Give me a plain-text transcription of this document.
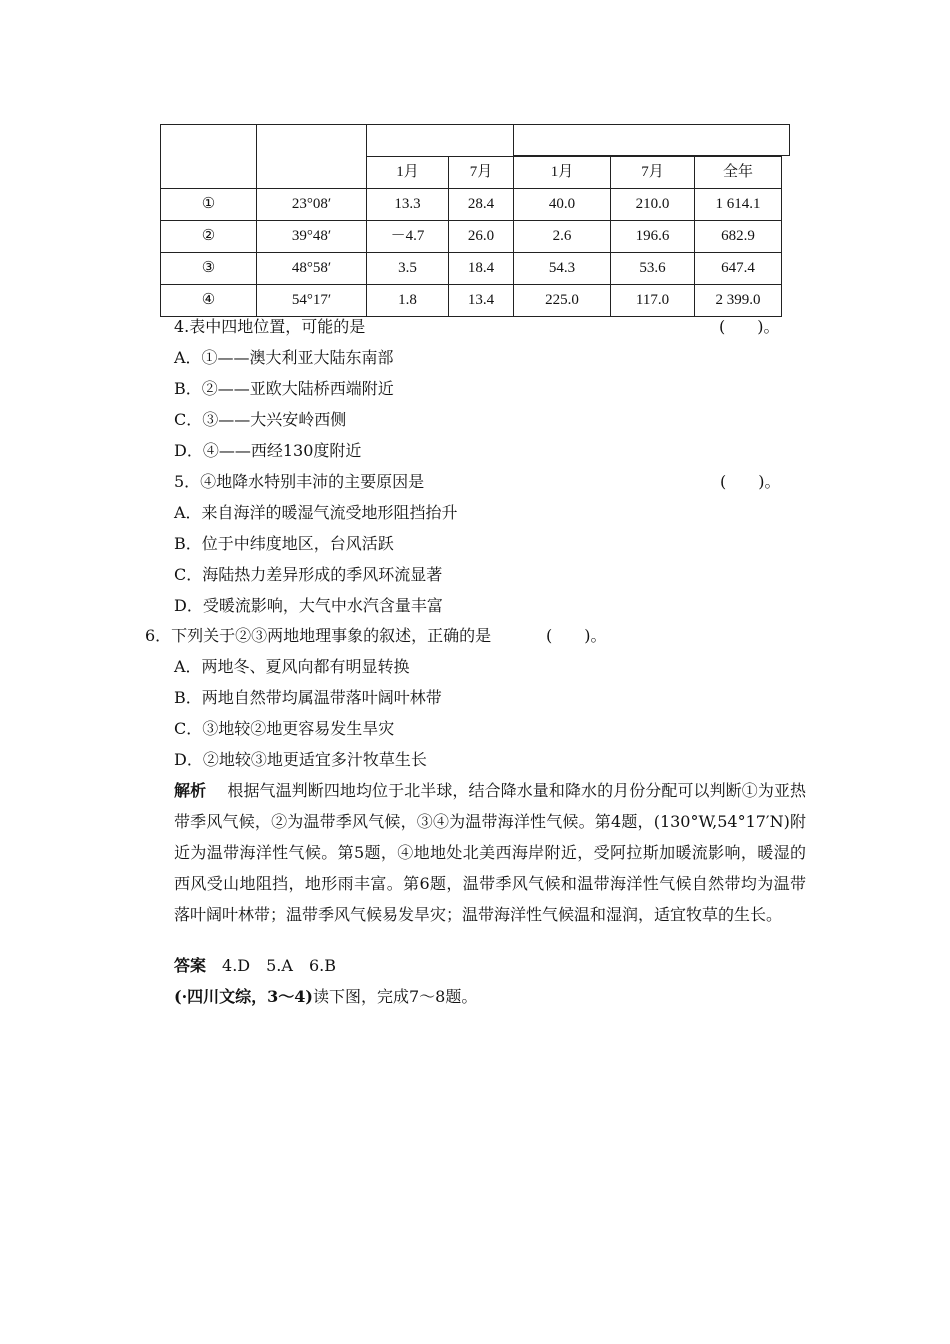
		1月	7月	1月	7月	全年
①	23°08′	13.3	28.4	40.0	210.0	1 614.1
②	39°48′	－4.7	26.0	2.6	196.6	682.9
③	48°58′	3.5	18.4	54.3	53.6	647.4
④	54°17′	1.8	13.4	225.0	117.0	2 399.0
4.表中四地位置，可能的是	(　　)。
A．①——澳大利亚大陆东南部
B．②——亚欧大陆桥西端附近
C．③——大兴安岭西侧
D．④——西经130度附近
5．④地降水特别丰沛的主要原因是	(　　)。
A．来自海洋的暖湿气流受地形阻挡抬升
B．位于中纬度地区，台风活跃
C．海陆热力差异形成的季风环流显著
D．受暖流影响，大气中水汽含量丰富
6．下列关于②③两地地理事象的叙述，正确的是	(　　)。
A．两地冬、夏风向都有明显转换
B．两地自然带均属温带落叶阔叶林带
C．③地较②地更容易发生旱灾
D．②地较③地更适宜多汁牧草生长
解析　 根据气温判断四地均位于北半球，结合降水量和降水的月份分配可以判断①为亚热带季风气候，②为温带季风气候，③④为温带海洋性气候。第4题，(130°W,54°17′N)附近为温带海洋性气候。第5题，④地地处北美西海岸附近，受阿拉斯加暖流影响，暖湿的西风受山地阻挡，地形雨丰富。第6题，温带季风气候和温带海洋性气候自然带均为温带落叶阔叶林带；温带季风气候易发旱灾；温带海洋性气候温和湿润，适宜牧草的生长。
答案　 4.D　5.A　6.B
(·四川文综，3～4)读下图，完成7～8题。
